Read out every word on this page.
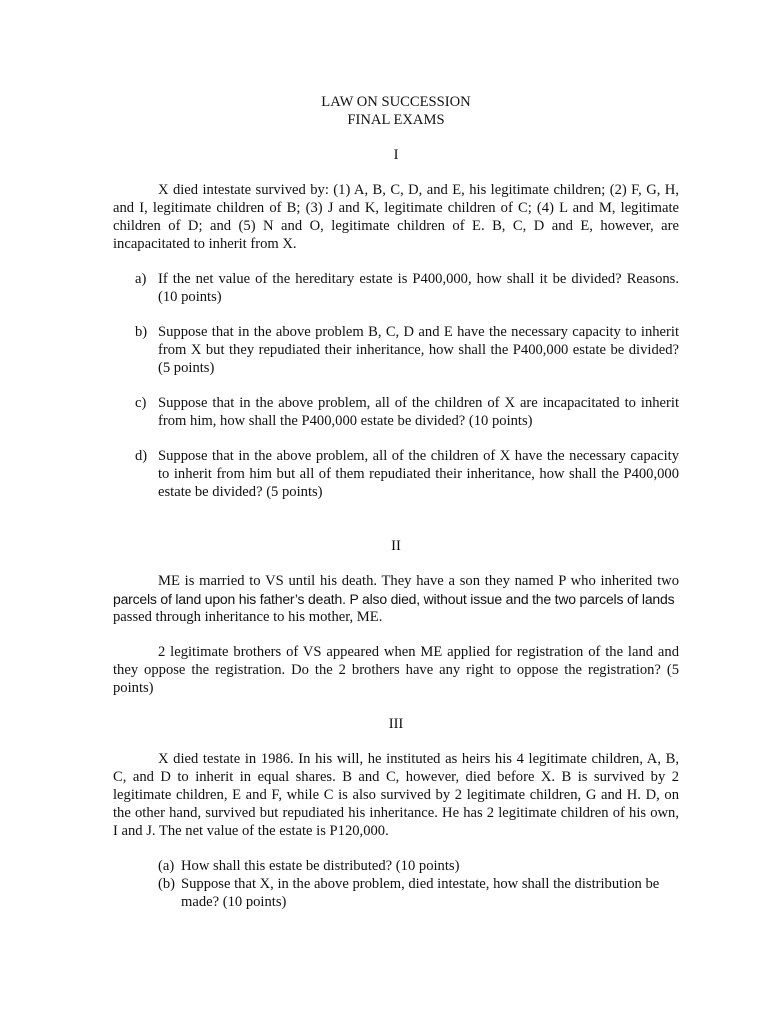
LAW ON SUCCESSION
FINAL EXAMS
I

X died intestate survived by: (1) A, B, C, D, and E, his legitimate children; (2) F, G, H, and I, legitimate children of B; (3) J and K, legitimate children of C; (4) L and M, legitimate children of D; and (5) N and O, legitimate children of E. B, C, D and E, however, are incapacitated to inherit from X.

a) If the net value of the hereditary estate is P400,000, how shall it be divided? Reasons. (10 points)
b) Suppose that in the above problem B, C, D and E have the necessary capacity to inherit from X but they repudiated their inheritance, how shall the P400,000 estate be divided? (5 points)
c) Suppose that in the above problem, all of the children of X are incapacitated to inherit from him, how shall the P400,000 estate be divided? (10 points)
d) Suppose that in the above problem, all of the children of X have the necessary capacity to inherit from him but all of them repudiated their inheritance, how shall the P400,000 estate be divided? (5 points)
II
ME is married to VS until his death. They have a son they named P who inherited two
parcels of land upon his father’s death. P also died, without issue and the two parcels of lands
passed through inheritance to his mother, ME.

2 legitimate brothers of VS appeared when ME applied for registration of the land and they oppose the registration. Do the 2 brothers have any right to oppose the registration? (5 points)

III

X died testate in 1986. In his will, he instituted as heirs his 4 legitimate children, A, B, C, and D to inherit in equal shares. B and C, however, died before X. B is survived by 2 legitimate children, E and F, while C is also survived by 2 legitimate children, G and H. D, on the other hand, survived but repudiated his inheritance. He has 2 legitimate children of his own, I and J. The net value of the estate is P120,000.

(a) How shall this estate be distributed? (10 points)
(b) Suppose that X, in the above problem, died intestate, how shall the distribution be made? (10 points)
